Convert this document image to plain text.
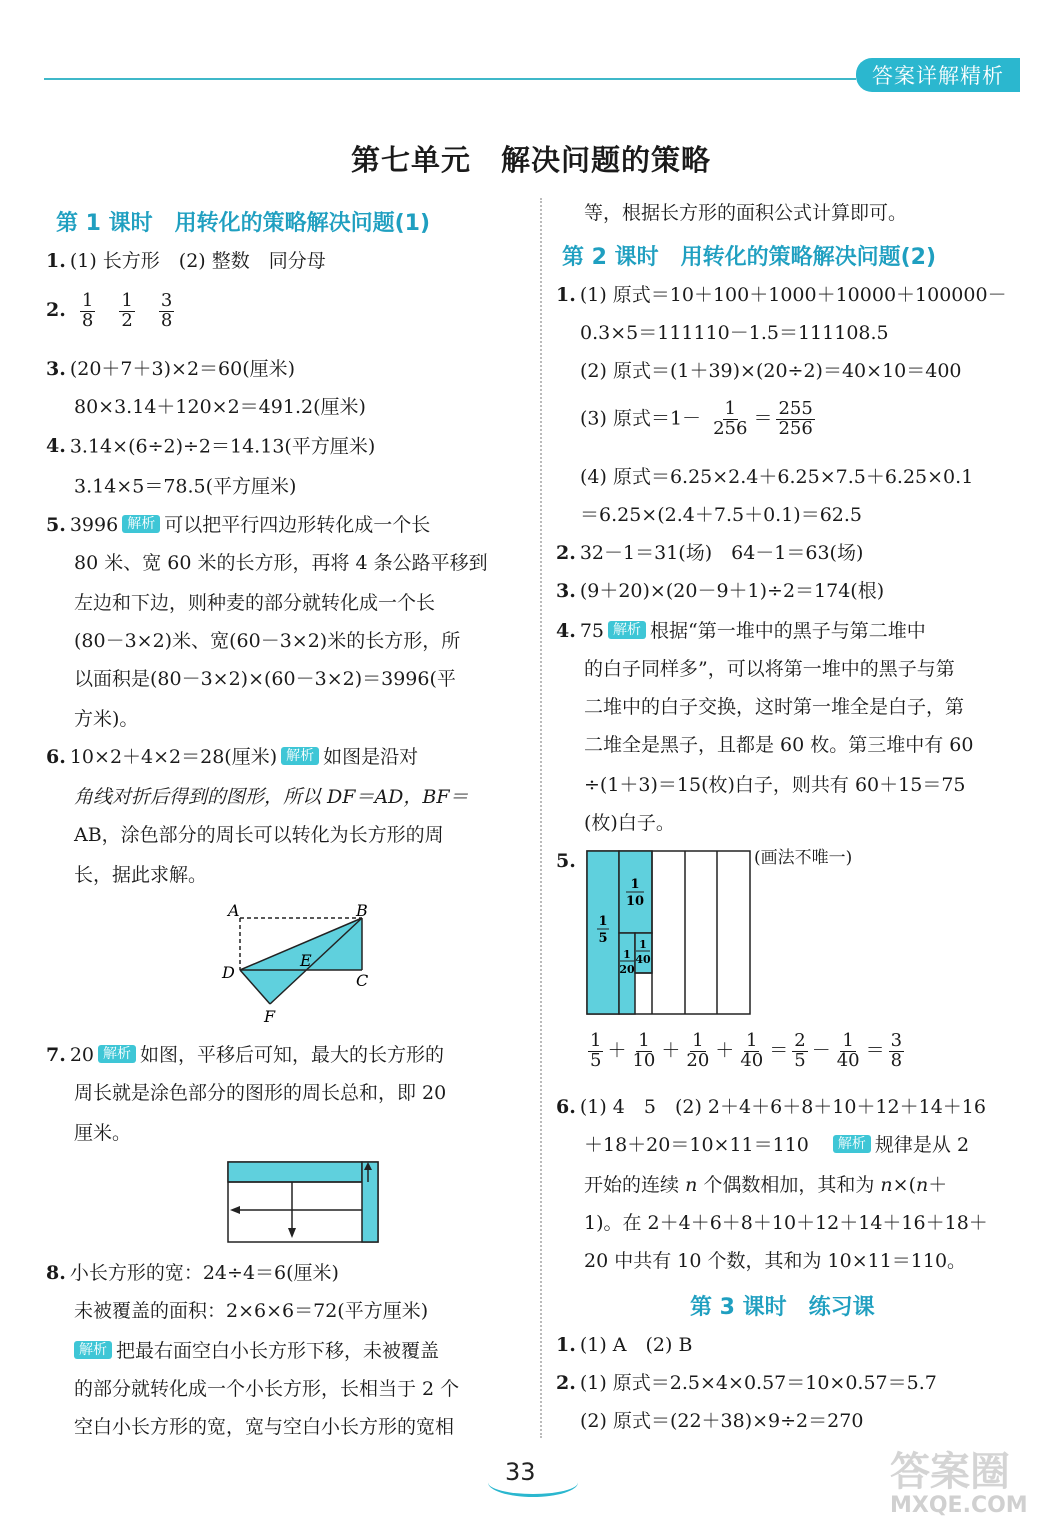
答案详解精析
第七单元　解决问题的策略
第 1 课时　用转化的策略解决问题(1)
1. (1) 长方形　(2) 整数　同分母
2. $\frac{1}{8}$
$\frac{1}{2}$
$\frac{3}{8}$
3. (20＋7＋3)×2＝60(厘米)
80×3.14＋120×2＝491.2(厘米)
4. 3.14×(6÷2)÷2＝14.13(平方厘米)
3.14×5＝78.5(平方厘米)
5. 3996 解析 可以把平行四边形转化成一个长
80 米、宽 60 米的长方形，再将 4 条公路平移到
左边和下边，则种麦的部分就转化成一个长
(80－3×2)米、宽(60－3×2)米的长方形，所
以面积是(80－3×2)×(60－3×2)＝3996(平
方米)。
6. 10×2＋4×2＝28(厘米) 解析 如图是沿对
角线对折后得到的图形，所以 DF＝AD，BF＝
AB，涂色部分的周长可以转化为长方形的周
长，据此求解。
A	B
C
D
E
F
7. 20 解析 如图，平移后可知，最大的长方形的
周长就是涂色部分的图形的周长总和，即 20
厘米。
8. 小长方形的宽：24÷4＝6(厘米)
未被覆盖的面积：2×6×6＝72(平方厘米)
解析 把最右面空白小长方形下移，未被覆盖
的部分就转化成一个小长方形，长相当于 2 个
空白小长方形的宽，宽与空白小长方形的宽相
等，根据长方形的面积公式计算即可。
第 2 课时　用转化的策略解决问题(2)
1. (1) 原式＝10＋100＋1000＋10000＋100000－
0.3×5＝111110－1.5＝111108.5
(2) 原式＝(1＋39)×(20÷2)＝40×10＝400
(3) 原式$=1- \frac{1}{256} = \frac{255}{256}$
(4) 原式＝6.25×2.4＋6.25×7.5＋6.25×0.1
＝6.25×(2.4＋7.5＋0.1)＝62.5
2. 32－1＝31(场)　64－1＝63(场)
3. (9＋20)×(20－9＋1)÷2＝174(根)
4. 75 解析 根据“第一堆中的黑子与第二堆中
的白子同样多”，可以将第一堆中的黑子与第
二堆中的白子交换，这时第一堆全是白子，第
二堆全是黑子，且都是 60 枚。第三堆中有 60
÷(1＋3)＝15(枚)白子，则共有 60＋15＝75
(枚)白子。
5.	(画法不唯一)
1
5
1
10
1
20
1
40
$\frac{1}{5} + \frac{1}{10} + \frac{1}{20} + \frac{1}{40} = \frac{2}{5} - \frac{1}{40} = \frac{3}{8}$
6. (1) 4　5　(2) 2＋4＋6＋8＋10＋12＋14＋16
＋18＋20＝10×11＝110 解析 规律是从 2
开始的连续 n 个偶数相加，其和为 n×(n＋
1)。在 2＋4＋6＋8＋10＋12＋14＋16＋18＋
20 中共有 10 个数，其和为 10×11＝110。
第 3 课时　练习课
1. (1) A　(2) B
2. (1) 原式＝2.5×4×0.57＝10×0.57＝5.7
(2) 原式＝(22＋38)×9÷2＝270
33	答案圈
MXQE.COM
